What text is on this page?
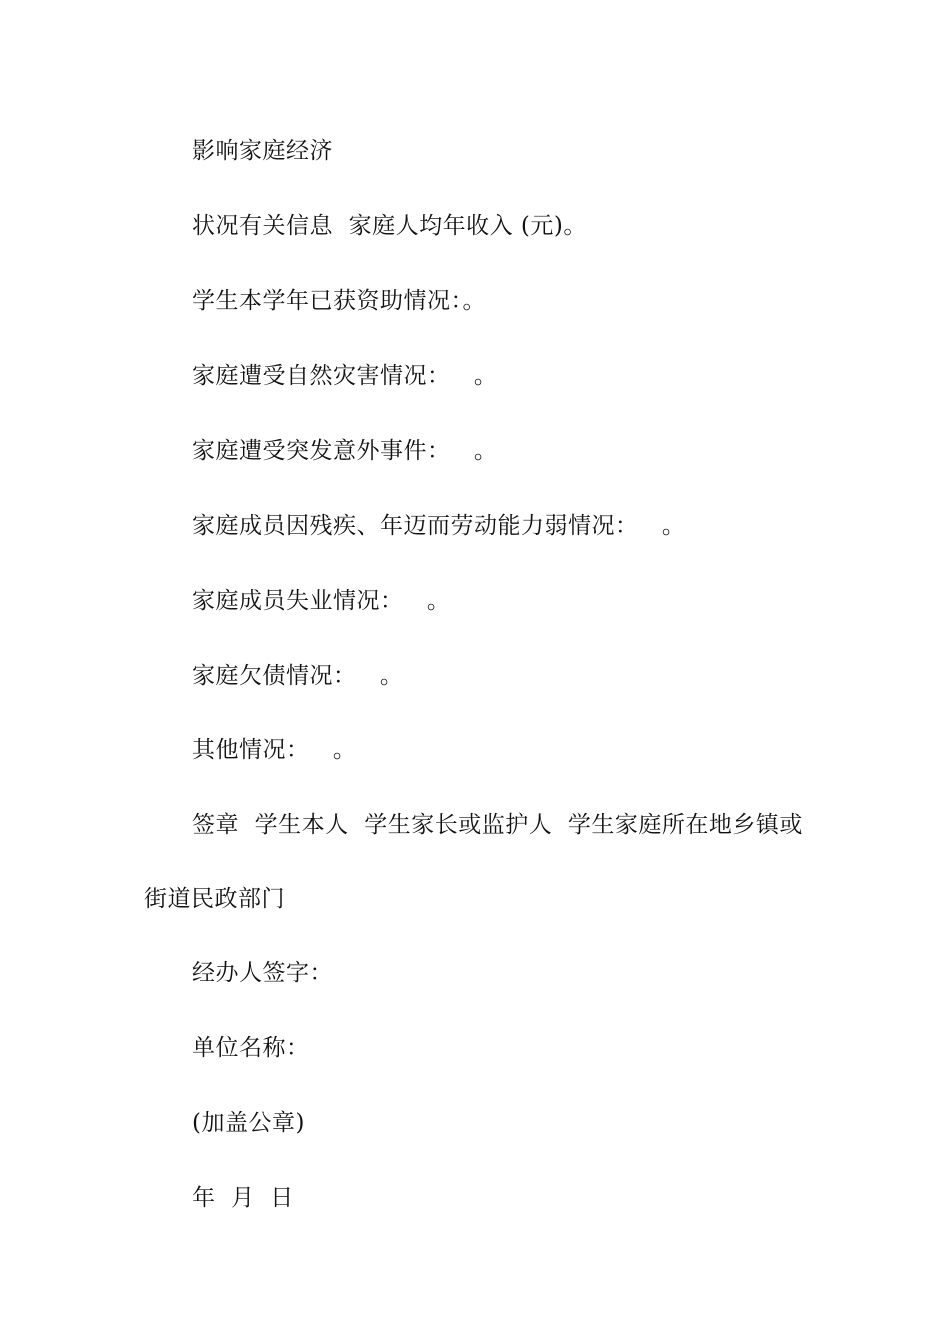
影响家庭经济
状况有关信息  家庭人均年收入 (元)。
学生本学年已获资助情况：。
家庭遭受自然灾害情况：   。
家庭遭受突发意外事件：   。
家庭成员因残疾、年迈而劳动能力弱情况：   。
家庭成员失业情况：   。
家庭欠债情况：   。
其他情况：   。
签章  学生本人  学生家长或监护人  学生家庭所在地乡镇或
街道民政部门
经办人签字：
单位名称：
(加盖公章)
年  月  日
